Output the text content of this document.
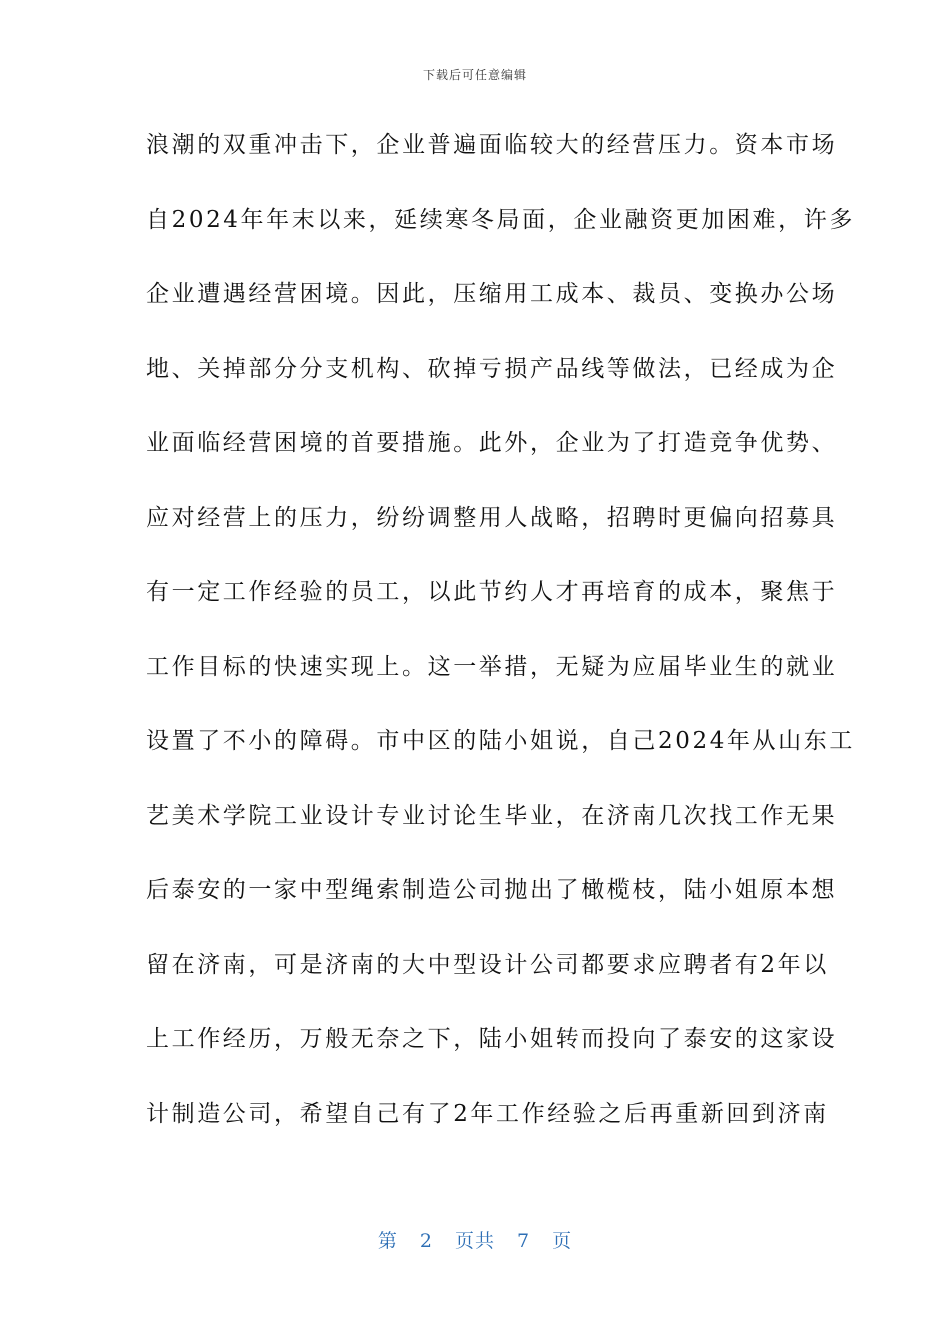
下载后可任意编辑
浪潮的双重冲击下，企业普遍面临较大的经营压力。资本市场
自2024年年末以来，延续寒冬局面，企业融资更加困难，许多
企业遭遇经营困境。因此，压缩用工成本、裁员、变换办公场
地、关掉部分分支机构、砍掉亏损产品线等做法，已经成为企
业面临经营困境的首要措施。此外，企业为了打造竞争优势、
应对经营上的压力，纷纷调整用人战略，招聘时更偏向招募具
有一定工作经验的员工，以此节约人才再培育的成本，聚焦于
工作目标的快速实现上。这一举措，无疑为应届毕业生的就业
设置了不小的障碍。市中区的陆小姐说，自己2024年从山东工
艺美术学院工业设计专业讨论生毕业，在济南几次找工作无果
后泰安的一家中型绳索制造公司抛出了橄榄枝，陆小姐原本想
留在济南，可是济南的大中型设计公司都要求应聘者有2年以
上工作经历，万般无奈之下，陆小姐转而投向了泰安的这家设
计制造公司，希望自己有了2年工作经验之后再重新回到济南
第 2 页共 7 页
